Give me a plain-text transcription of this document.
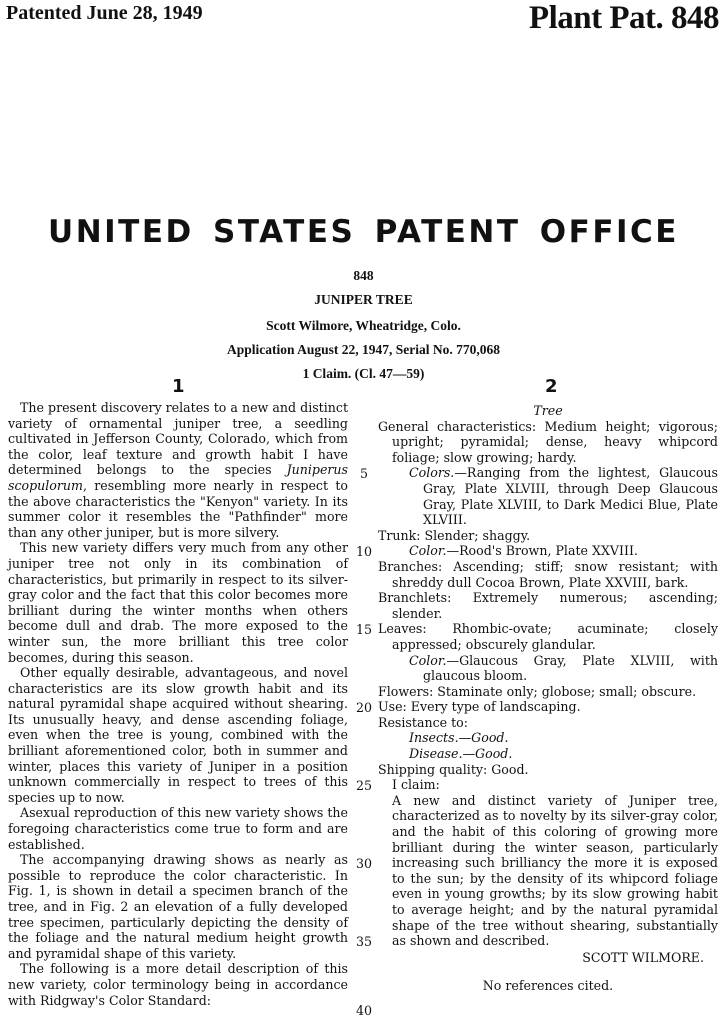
Patented June 28, 1949	Plant Pat. 848
UNITED STATES PATENT OFFICE
848
JUNIPER TREE
Scott Wilmore, Wheatridge, Colo.
Application August 22, 1947, Serial No. 770,068
1 Claim. (Cl. 47—59)
1	2

The present discovery relates to a new and distinct variety of ornamental juniper tree, a seedling cultivated in Jefferson County, Colorado, which from the color, leaf texture and growth habit I have determined belongs to the species Juniperus scopulorum, resembling more nearly in respect to the above characteristics the "Kenyon" variety. In its summer color it resembles the "Pathfinder" more than any other juniper, but is more silvery.

This new variety differs very much from any other juniper tree not only in its combination of characteristics, but primarily in respect to its silver-gray color and the fact that this color becomes more brilliant during the winter months when others become dull and drab. The more exposed to the winter sun, the more brilliant this tree color becomes, during this season.

Other equally desirable, advantageous, and novel characteristics are its slow growth habit and its natural pyramidal shape acquired without shearing. Its unusually heavy, and dense ascending foliage, even when the tree is young, combined with the brilliant aforementioned color, both in summer and winter, places this variety of Juniper in a position unknown commercially in respect to trees of this species up to now.

Asexual reproduction of this new variety shows the foregoing characteristics come true to form and are established.

The accompanying drawing shows as nearly as possible to reproduce the color characteristic. In Fig. 1, is shown in detail a specimen branch of the tree, and in Fig. 2 an elevation of a fully developed tree specimen, particularly depicting the density of the foliage and the natural medium height growth and pyramidal shape of this variety.

The following is a more detail description of this new variety, color terminology being in accordance with Ridgway's Color Standard:

5
10
15
20
25
30
35
40

Tree

General characteristics: Medium height; vigorous; upright; pyramidal; dense, heavy whipcord foliage; slow growing; hardy.

Colors.—Ranging from the lightest, Glaucous Gray, Plate XLVIII, through Deep Glaucous Gray, Plate XLVIII, to Dark Medici Blue, Plate XLVIII.

Trunk: Slender; shaggy.

Color.—Rood's Brown, Plate XXVIII.

Branches: Ascending; stiff; snow resistant; with shreddy dull Cocoa Brown, Plate XXVIII, bark.

Branchlets: Extremely numerous; ascending; slender.

Leaves: Rhombic-ovate; acuminate; closely appressed; obscurely glandular.

Color.—Glaucous Gray, Plate XLVIII, with glaucous bloom.

Flowers: Staminate only; globose; small; obscure.

Use: Every type of landscaping.

Resistance to:

Insects.—Good.

Disease.—Good.

Shipping quality: Good.

I claim:

A new and distinct variety of Juniper tree, characterized as to novelty by its silver-gray color, and the habit of this coloring of growing more brilliant during the winter season, particularly increasing such brilliancy the more it is exposed to the sun; by the density of its whipcord foliage even in young growths; by its slow growing habit to average height; and by the natural pyramidal shape of the tree without shearing, substantially as shown and described.

SCOTT WILMORE.

No references cited.
